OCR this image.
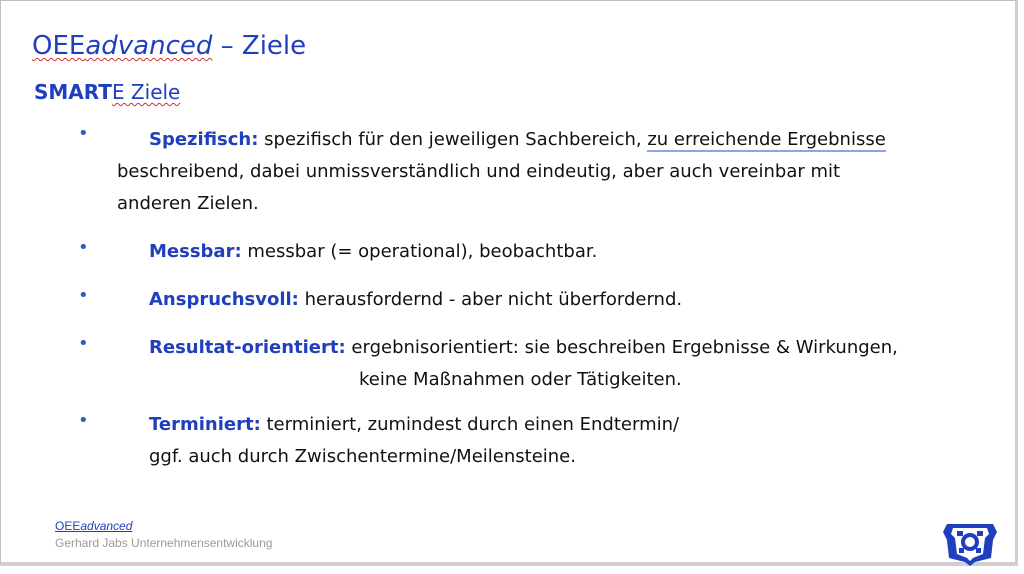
OEEadvanced – Ziele
SMARTE Ziele
•	Spezifisch: spezifisch für den jeweiligen Sachbereich, zu erreichende Ergebnisse
beschreibend, dabei unmissverständlich und eindeutig, aber auch vereinbar mit
anderen Zielen.
•	Messbar: messbar (= operational), beobachtbar.
•	Anspruchsvoll: herausfordernd - aber nicht überfordernd.
•	Resultat-orientiert: ergebnisorientiert: sie beschreiben Ergebnisse & Wirkungen,
keine Maßnahmen oder Tätigkeiten.
•	Terminiert: terminiert, zumindest durch einen Endtermin/
ggf. auch durch Zwischentermine/Meilensteine.
OEEadvanced
Gerhard Jabs Unternehmensentwicklung
